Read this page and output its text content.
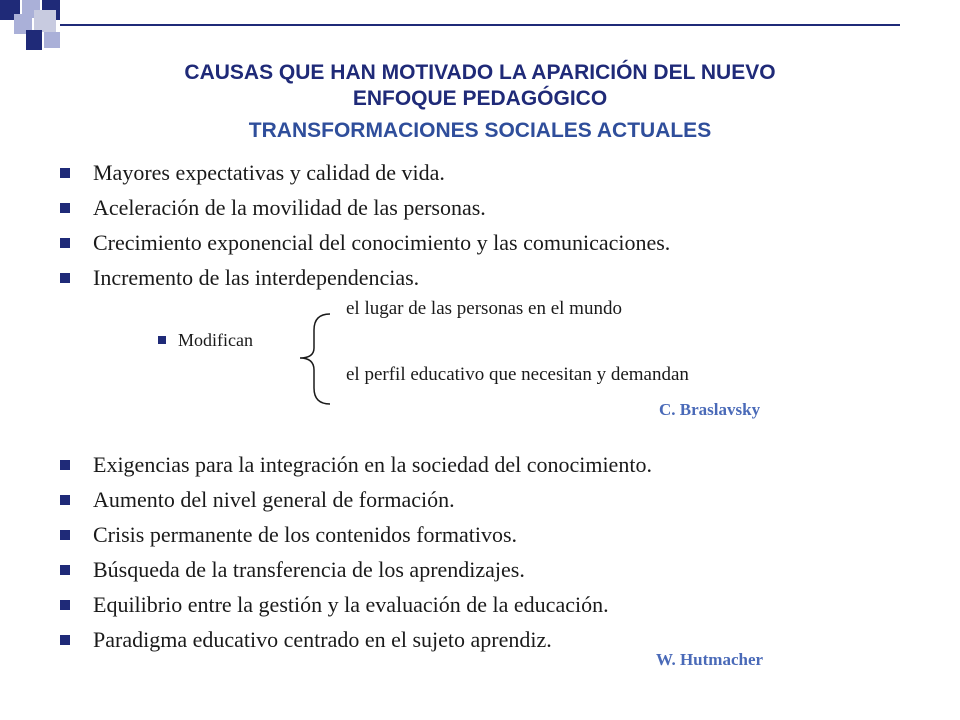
CAUSAS QUE HAN MOTIVADO LA APARICIÓN DEL NUEVO
ENFOQUE PEDAGÓGICO
TRANSFORMACIONES SOCIALES ACTUALES
Mayores expectativas y calidad de vida.
Aceleración de la movilidad de las personas.
Crecimiento exponencial del conocimiento y las comunicaciones.
Incremento de las interdependencias.
el lugar de las personas en el mundo
Modifican
el perfil educativo que necesitan y demandan
C. Braslavsky
Exigencias para la integración en la sociedad del conocimiento.
Aumento del nivel general de formación.
Crisis permanente de los contenidos formativos.
Búsqueda de la transferencia de los aprendizajes.
Equilibrio entre la gestión y la evaluación de la educación.
Paradigma educativo centrado en el sujeto aprendiz.
W. Hutmacher
